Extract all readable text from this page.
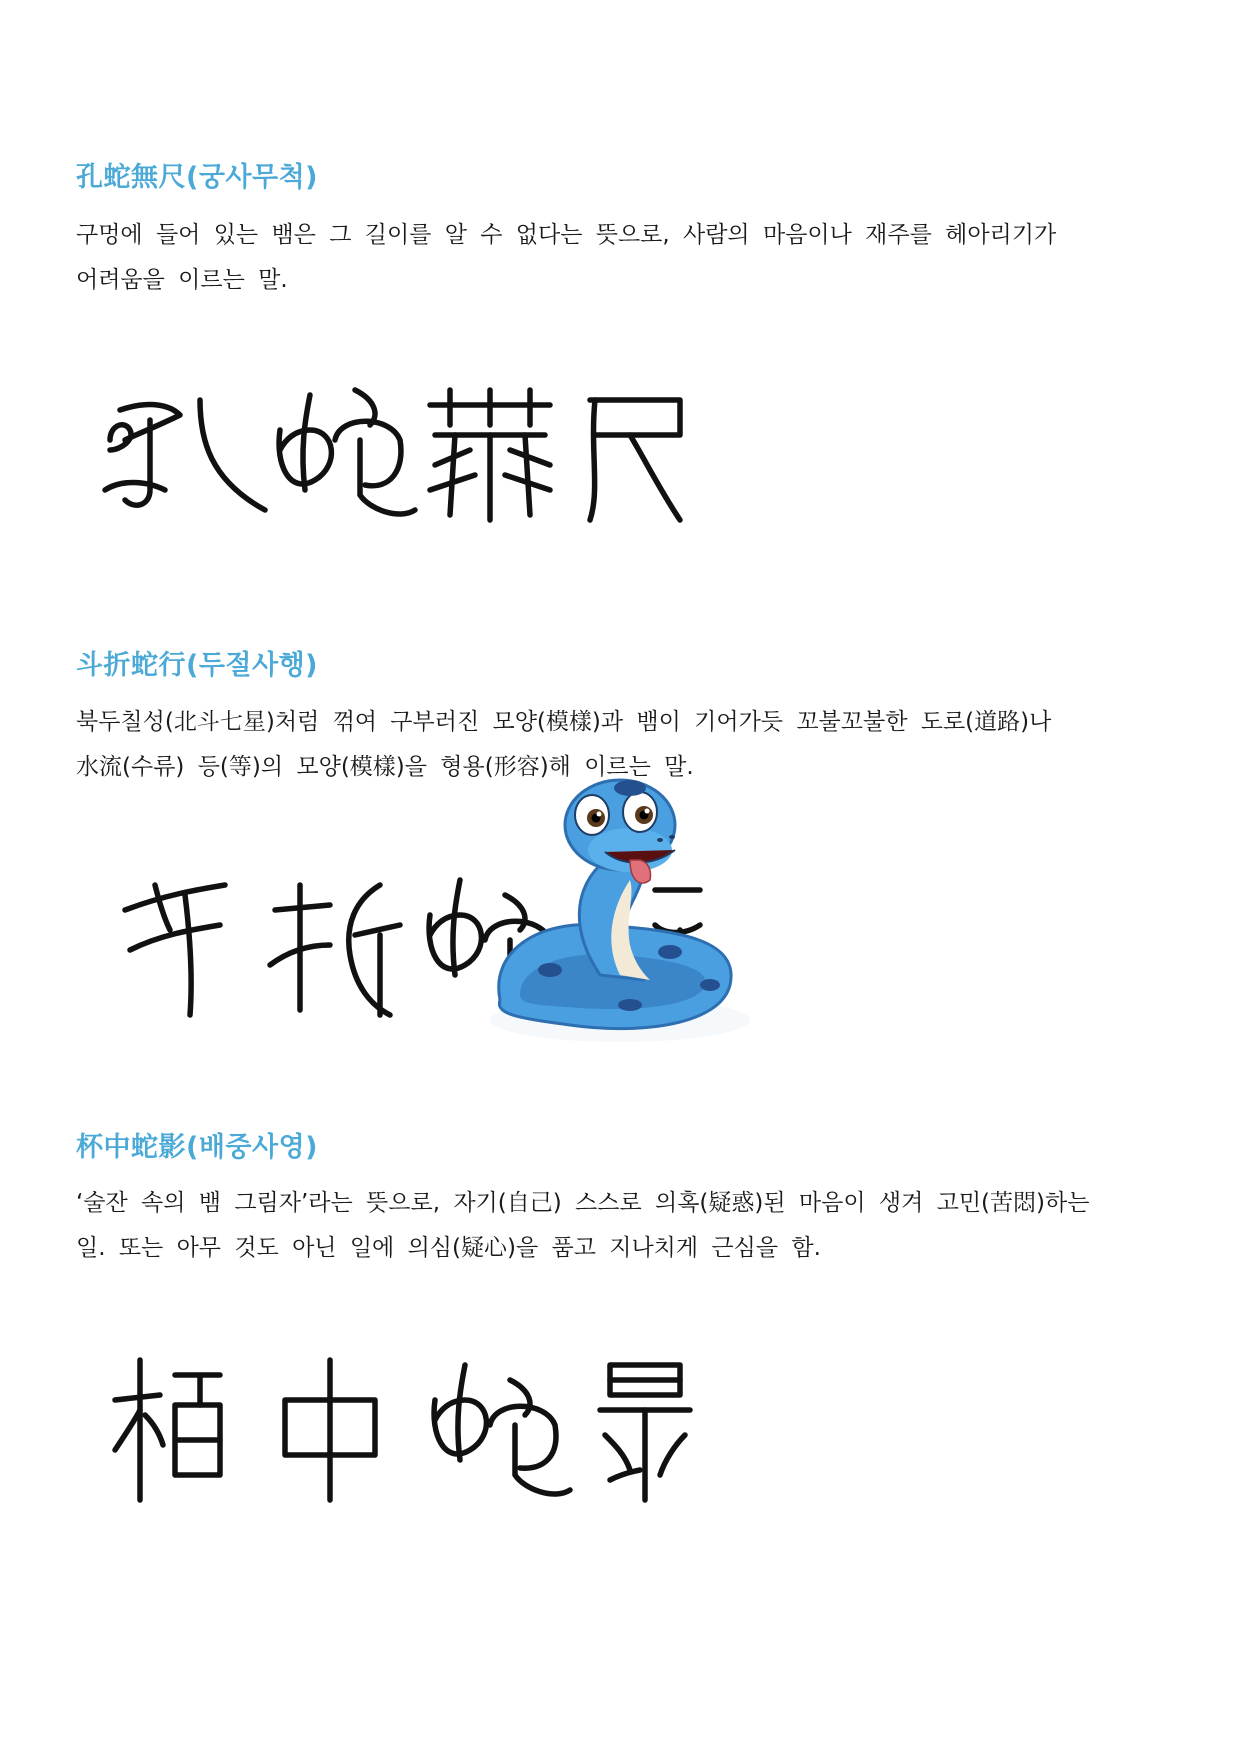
孔蛇無尺(궁사무척)
구멍에 들어 있는 뱀은 그 길이를 알 수 없다는 뜻으로, 사람의 마음이나 재주를 헤아리기가
어려움을 이르는 말.
斗折蛇行(두절사행)
북두칠성(北斗七星)처럼 꺾여 구부러진 모양(模樣)과 뱀이 기어가듯 꼬불꼬불한 도로(道路)나
水流(수류) 등(等)의 모양(模樣)을 형용(形容)해 이르는 말.
杯中蛇影(배중사영)
‘술잔 속의 뱀 그림자’라는 뜻으로, 자기(自己) 스스로 의혹(疑惑)된 마음이 생겨 고민(苦悶)하는
일. 또는 아무 것도 아닌 일에 의심(疑心)을 품고 지나치게 근심을 함.
